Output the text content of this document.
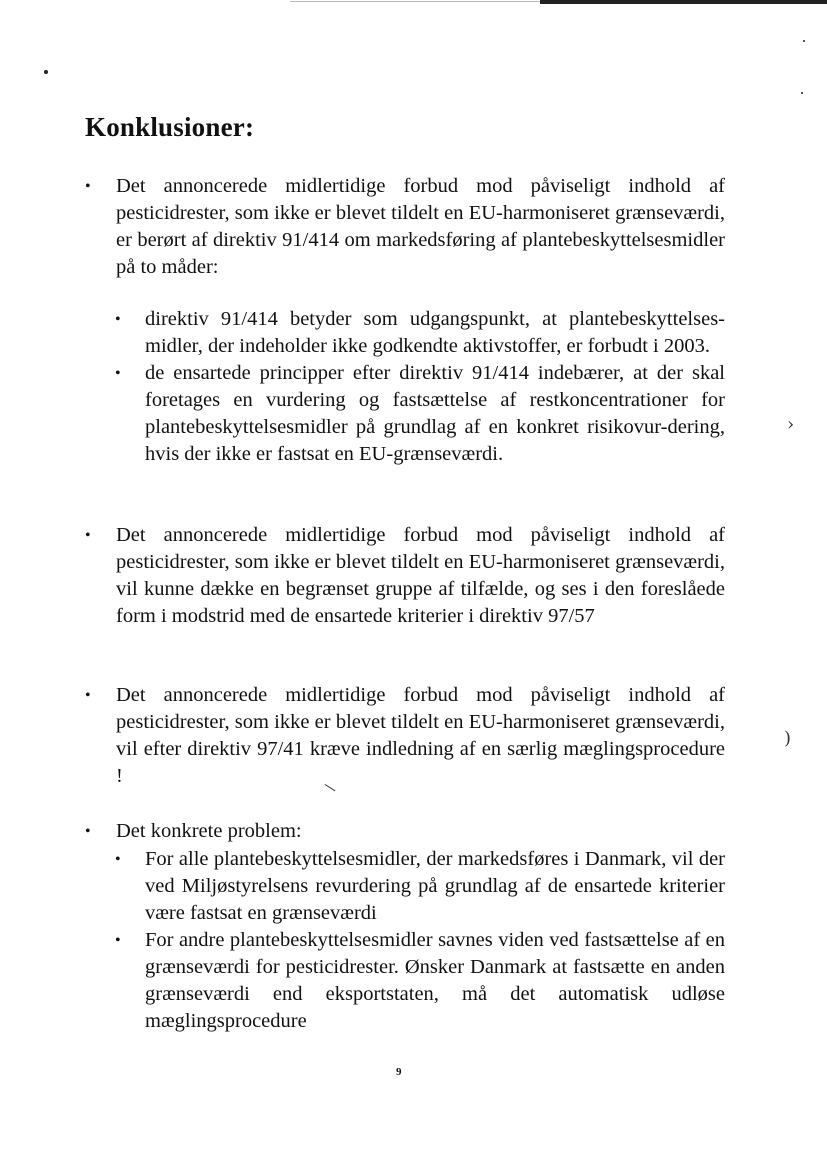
›
)
\
Konklusioner:
• Det annoncerede midlertidige forbud mod påviseligt indhold af pesticidrester, som ikke er blevet tildelt en EU-harmoniseret grænseværdi, er berørt af direktiv 91/414 om markedsføring af plantebeskyttelsesmidler på to måder:
• direktiv 91/414 betyder som udgangspunkt, at plantebeskyttelses-midler, der indeholder ikke godkendte aktivstoffer, er forbudt i 2003.
• de ensartede principper efter direktiv 91/414 indebærer, at der skal foretages en vurdering og fastsættelse af restkoncentrationer for plantebeskyttelsesmidler på grundlag af en konkret risikovur-dering, hvis der ikke er fastsat en EU-grænseværdi.
• Det annoncerede midlertidige forbud mod påviseligt indhold af pesticidrester, som ikke er blevet tildelt en EU-harmoniseret grænseværdi, vil kunne dække en begrænset gruppe af tilfælde, og ses i den foreslåede form i modstrid med de ensartede kriterier i direktiv 97/57
• Det annoncerede midlertidige forbud mod påviseligt indhold af pesticidrester, som ikke er blevet tildelt en EU-harmoniseret grænseværdi, vil efter direktiv 97/41 kræve indledning af en særlig mæglingsprocedure !
• Det konkrete problem:
• For alle plantebeskyttelsesmidler, der markedsføres i Danmark, vil der ved Miljøstyrelsens revurdering på grundlag af de ensartede kriterier være fastsat en grænseværdi
• For andre plantebeskyttelsesmidler savnes viden ved fastsættelse af en grænseværdi for pesticidrester. Ønsker Danmark at fastsætte en anden grænseværdi end eksportstaten, må det automatisk udløse mæglingsprocedure
9
